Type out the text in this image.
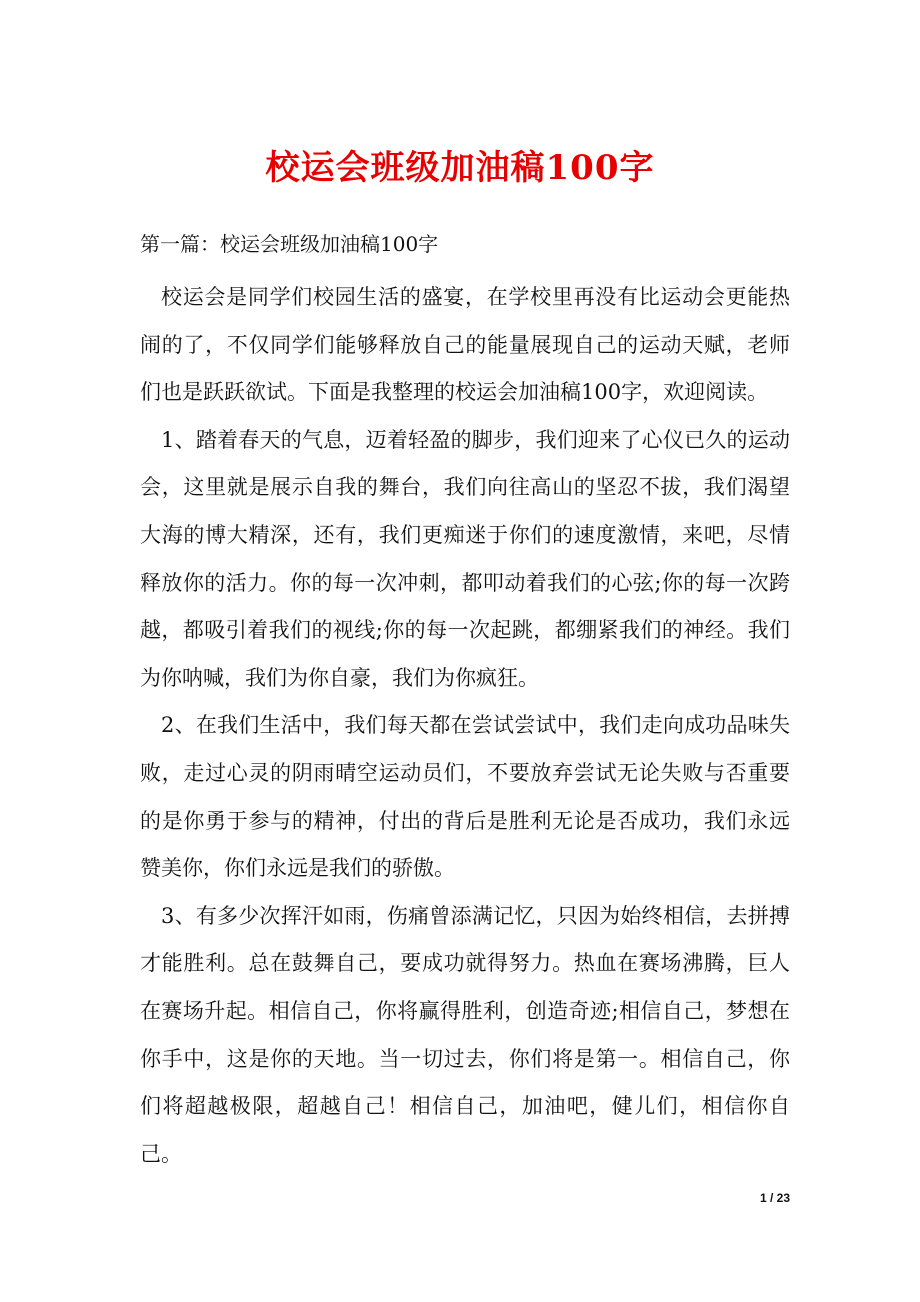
校运会班级加油稿100字

第一篇：校运会班级加油稿100字

校运会是同学们校园生活的盛宴，在学校里再没有比运动会更能热闹的了，不仅同学们能够释放自己的能量展现自己的运动天赋，老师们也是跃跃欲试。下面是我整理的校运会加油稿100字，欢迎阅读。

1、踏着春天的气息，迈着轻盈的脚步，我们迎来了心仪已久的运动会，这里就是展示自我的舞台，我们向往高山的坚忍不拔，我们渴望大海的博大精深，还有，我们更痴迷于你们的速度激情，来吧，尽情释放你的活力。你的每一次冲刺，都叩动着我们的心弦;你的每一次跨越，都吸引着我们的视线;你的每一次起跳，都绷紧我们的神经。我们为你呐喊，我们为你自豪，我们为你疯狂。

2、在我们生活中，我们每天都在尝试尝试中，我们走向成功品味失败，走过心灵的阴雨晴空运动员们，不要放弃尝试无论失败与否重要的是你勇于参与的精神，付出的背后是胜利无论是否成功，我们永远赞美你，你们永远是我们的骄傲。

3、有多少次挥汗如雨，伤痛曾添满记忆，只因为始终相信，去拼搏才能胜利。总在鼓舞自己，要成功就得努力。热血在赛场沸腾，巨人在赛场升起。相信自己，你将赢得胜利，创造奇迹;相信自己，梦想在你手中，这是你的天地。当一切过去，你们将是第一。相信自己，你们将超越极限，超越自己！相信自己，加油吧，健儿们，相信你自己。

1 / 23
